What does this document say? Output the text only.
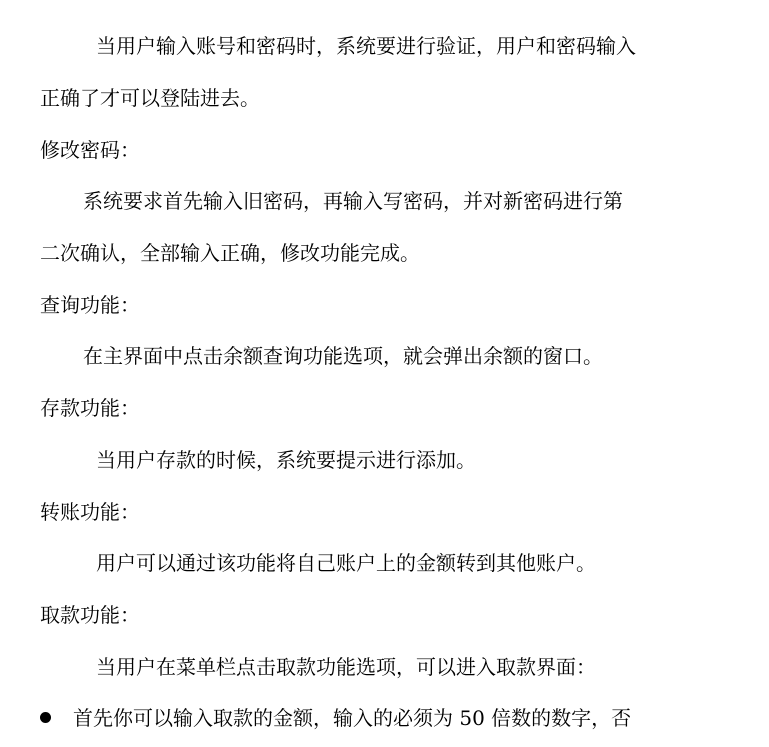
当用户输入账号和密码时，系统要进行验证，用户和密码输入
正确了才可以登陆进去。
修改密码：
系统要求首先输入旧密码，再输入写密码，并对新密码进行第
二次确认，全部输入正确，修改功能完成。
查询功能：
在主界面中点击余额查询功能选项，就会弹出余额的窗口。
存款功能：
当用户存款的时候，系统要提示进行添加。
转账功能：
用户可以通过该功能将自己账户上的金额转到其他账户。
取款功能：
当用户在菜单栏点击取款功能选项，可以进入取款界面：
首先你可以输入取款的金额，输入的必须为 50 倍数的数字，否
